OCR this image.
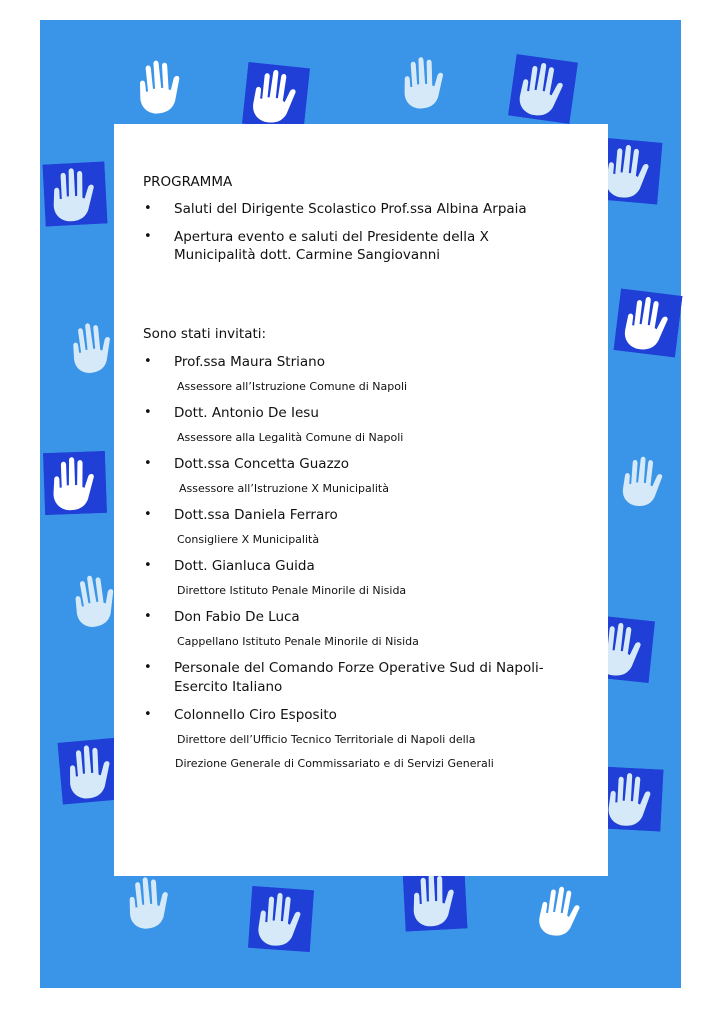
PROGRAMMA
• Saluti del Dirigente Scolastico Prof.ssa Albina Arpaia
• Apertura evento e saluti del Presidente della X
Municipalità dott. Carmine Sangiovanni
Sono stati invitati:
• Prof.ssa Maura Striano
Assessore all’Istruzione Comune di Napoli
• Dott. Antonio De Iesu
Assessore alla Legalità Comune di Napoli
• Dott.ssa Concetta Guazzo
Assessore all’Istruzione X Municipalità
• Dott.ssa Daniela Ferraro
Consigliere X Municipalità
• Dott. Gianluca Guida
Direttore Istituto Penale Minorile di Nisida
• Don Fabio De Luca
Cappellano Istituto Penale Minorile di Nisida
• Personale del Comando Forze Operative Sud di Napoli-
Esercito Italiano
• Colonnello Ciro Esposito
Direttore dell’Ufficio Tecnico Territoriale di Napoli della
Direzione Generale di Commissariato e di Servizi Generali
